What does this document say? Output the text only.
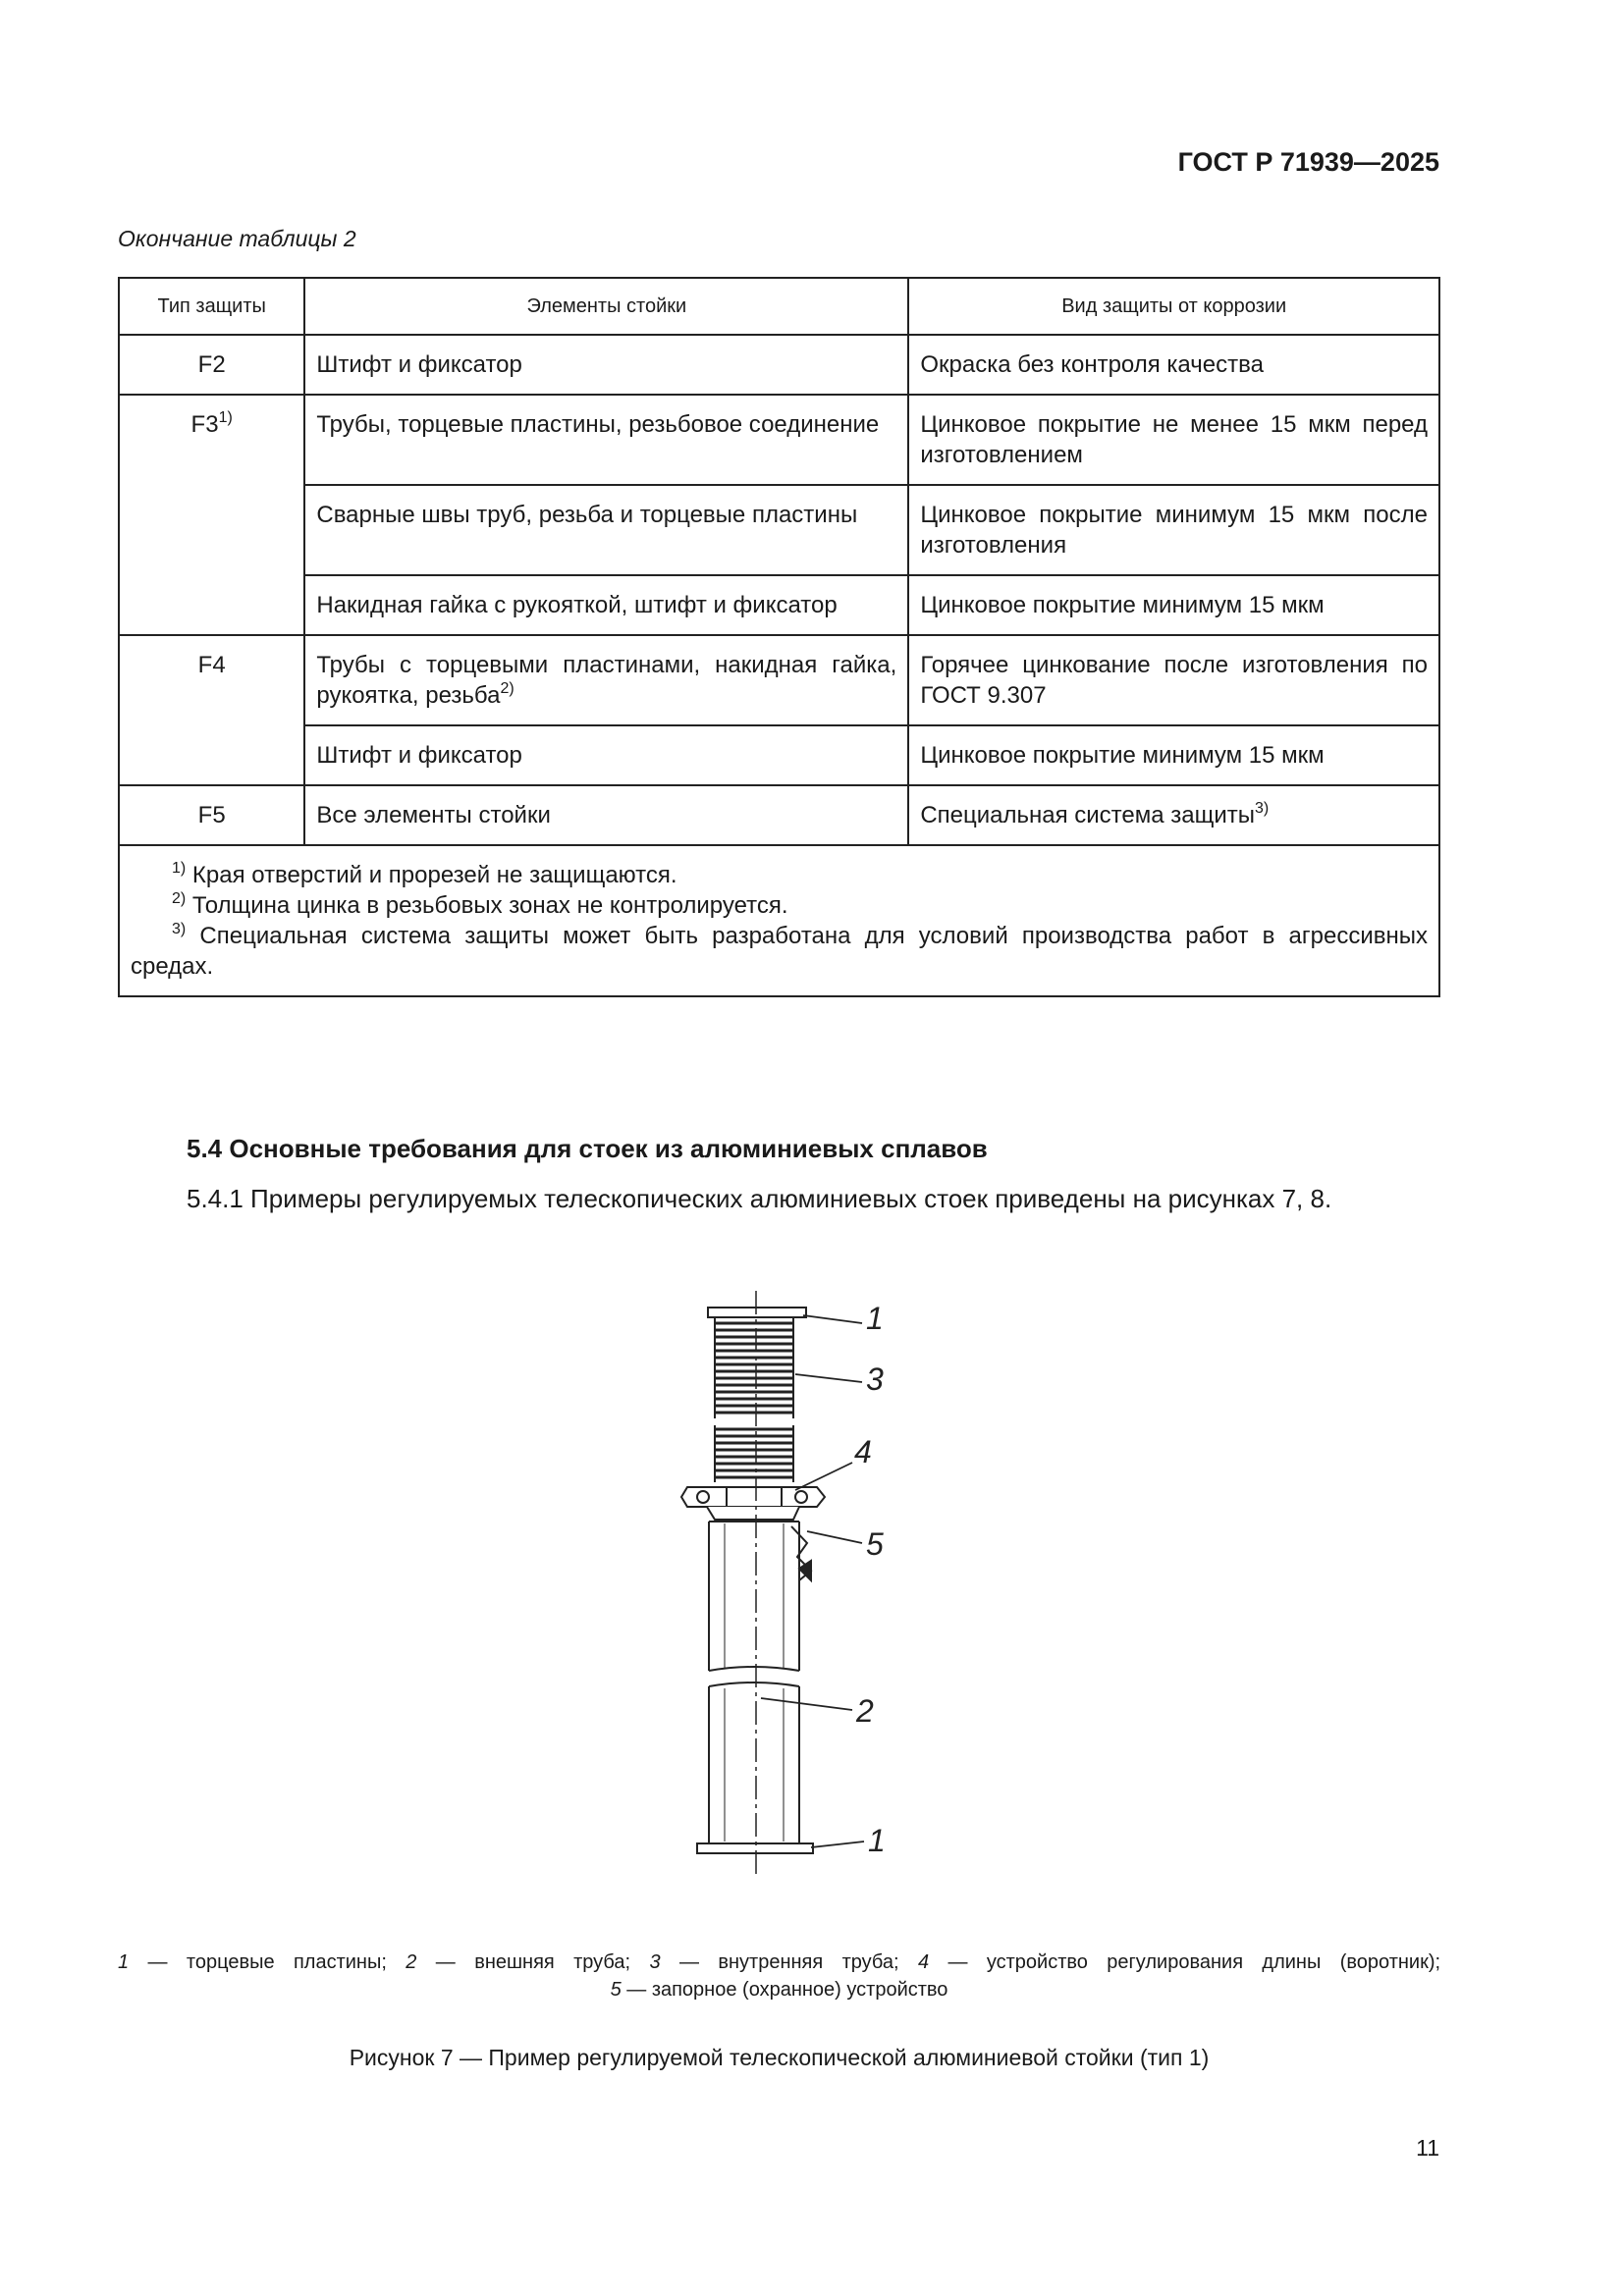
ГОСТ Р 71939—2025
Окончание таблицы 2
Тип защиты	Элементы стойки	Вид защиты от коррозии
F2	Штифт и фиксатор	Окраска без контроля качества
F3$^{1)}$	Трубы, торцевые пластины, резьбовое соединение	Цинковое покрытие не менее 15 мкм перед изготовлением
	Сварные швы труб, резьба и торцевые пластины	Цинковое покрытие минимум 15 мкм после изготовления
	Накидная гайка с рукояткой, штифт и фиксатор	Цинковое покрытие минимум 15 мкм
F4	Трубы с торцевыми пластинами, накидная гайка, рукоятка, резьба$^{2)}$	Горячее цинкование после изготовления по ГОСТ 9.307
	Штифт и фиксатор	Цинковое покрытие минимум 15 мкм
F5	Все элементы стойки	Специальная система защиты$^{3)}$

$^{1)}$ Края отверстий и прорезей не защищаются.
$^{2)}$ Толщина цинка в резьбовых зонах не контролируется.
$^{3)}$ Специальная система защиты может быть разработана для условий производства работ в агрессивных средах.		
5.4 Основные требования для стоек из алюминиевых сплавов
5.4.1 Примеры регулируемых телескопических алюминиевых стоек приведены на рисунках 7, 8.
1
3
4
5
2
1
1 — торцевые пластины; 2 — внешняя труба; 3 — внутренняя труба; 4 — устройство регулирования длины (воротник);
5 — запорное (охранное) устройство
Рисунок 7 — Пример регулируемой телескопической алюминиевой стойки (тип 1)
11
